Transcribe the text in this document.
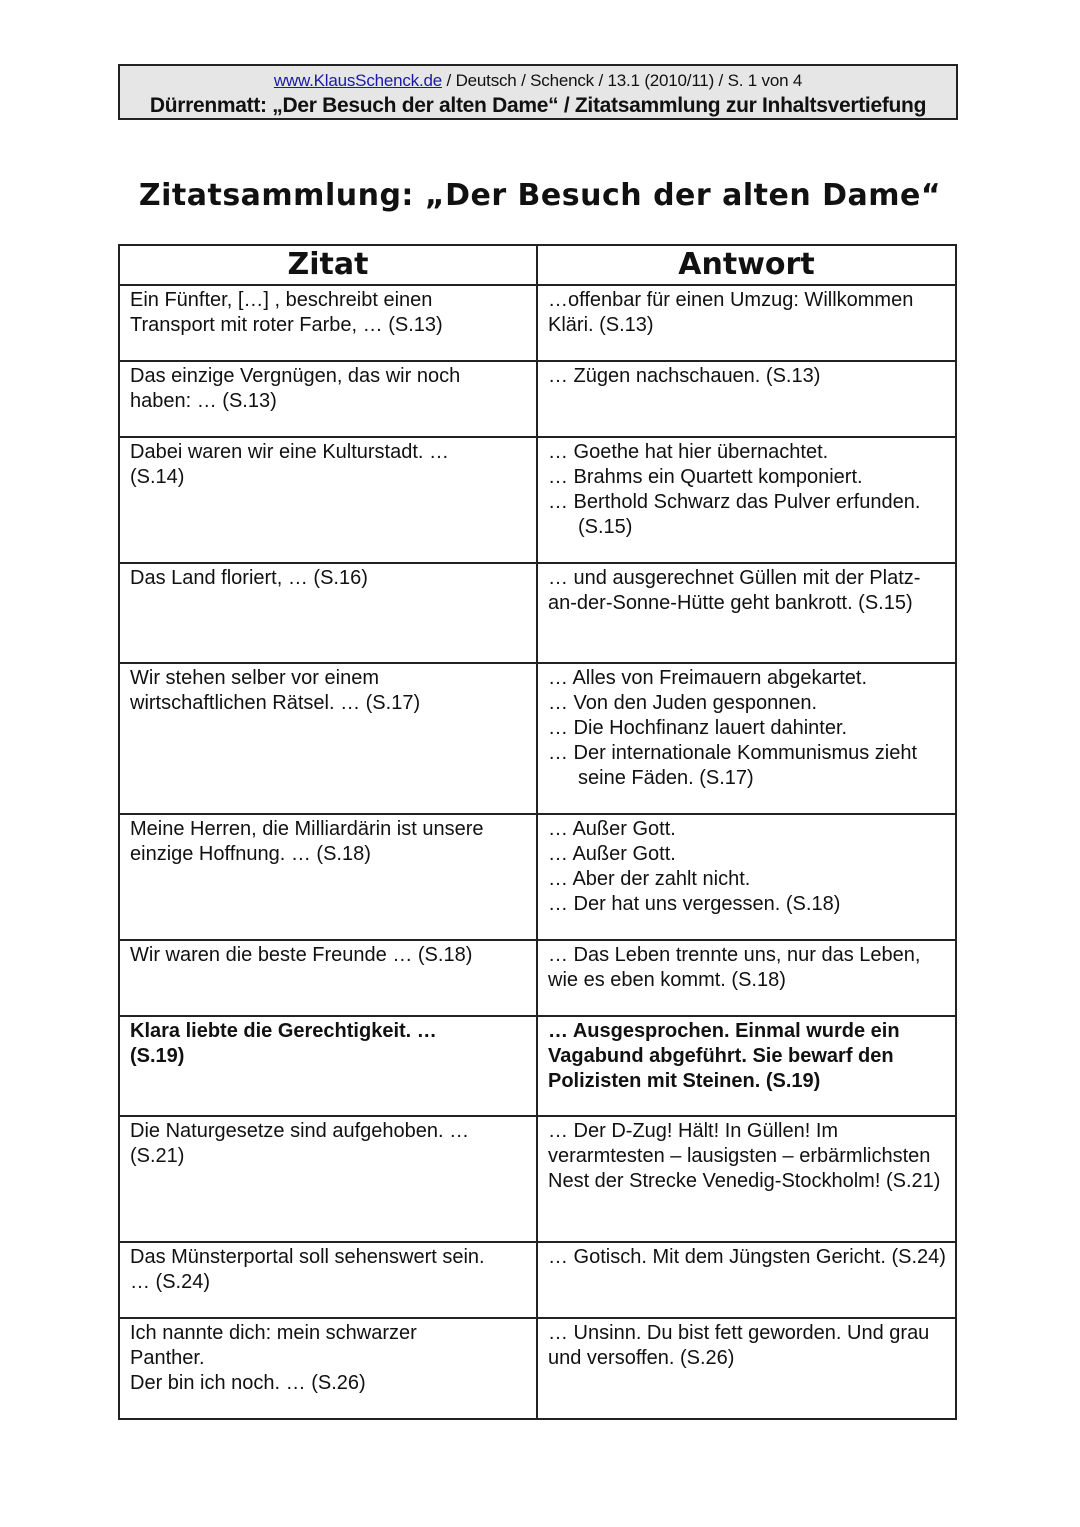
www.KlausSchenck.de / Deutsch / Schenck / 13.1 (2010/11) / S. 1 von 4
Dürrenmatt: „Der Besuch der alten Dame“ / Zitatsammlung zur Inhaltsvertiefung
Zitatsammlung: „Der Besuch der alten Dame“
Zitat	Antwort
Ein Fünfter, […] , beschreibt einen
Transport mit roter Farbe, … (S.13)	…offenbar für einen Umzug: Willkommen Kläri. (S.13)
Das einzige Vergnügen, das wir noch
haben: … (S.13)	… Zügen nachschauen. (S.13)
Dabei waren wir eine Kulturstadt. …
(S.14)	… Goethe hat hier übernachtet.
… Brahms ein Quartett komponiert.
… Berthold Schwarz das Pulver erfunden. (S.15)

Das Land floriert, … (S.16)	… und ausgerechnet Güllen mit der Platz-an-der-Sonne-Hütte geht bankrott. (S.15)
Wir stehen selber vor einem
wirtschaftlichen Rätsel. … (S.17)	… Alles von Freimauern abgekartet.
… Von den Juden gesponnen.
… Die Hochfinanz lauert dahinter.
… Der internationale Kommunismus zieht seine Fäden. (S.17)

Meine Herren, die Milliardärin ist unsere
einzige Hoffnung. … (S.18)	… Außer Gott.
… Außer Gott.
… Aber der zahlt nicht.
… Der hat uns vergessen. (S.18)

Wir waren die beste Freunde … (S.18)	… Das Leben trennte uns, nur das Leben, wie es eben kommt. (S.18)
Klara liebte die Gerechtigkeit. …
(S.19)	… Ausgesprochen. Einmal wurde ein Vagabund abgeführt. Sie bewarf den Polizisten mit Steinen. (S.19)
Die Naturgesetze sind aufgehoben. …
(S.21)	… Der D-Zug! Hält! In Güllen! Im verarmtesten – lausigsten – erbärmlichsten Nest der Strecke Venedig-Stockholm! (S.21)
Das Münsterportal soll sehenswert sein.
… (S.24)	… Gotisch. Mit dem Jüngsten Gericht. (S.24)
Ich nannte dich: mein schwarzer
Panther.
Der bin ich noch. … (S.26)	… Unsinn. Du bist fett geworden. Und grau und versoffen. (S.26)
